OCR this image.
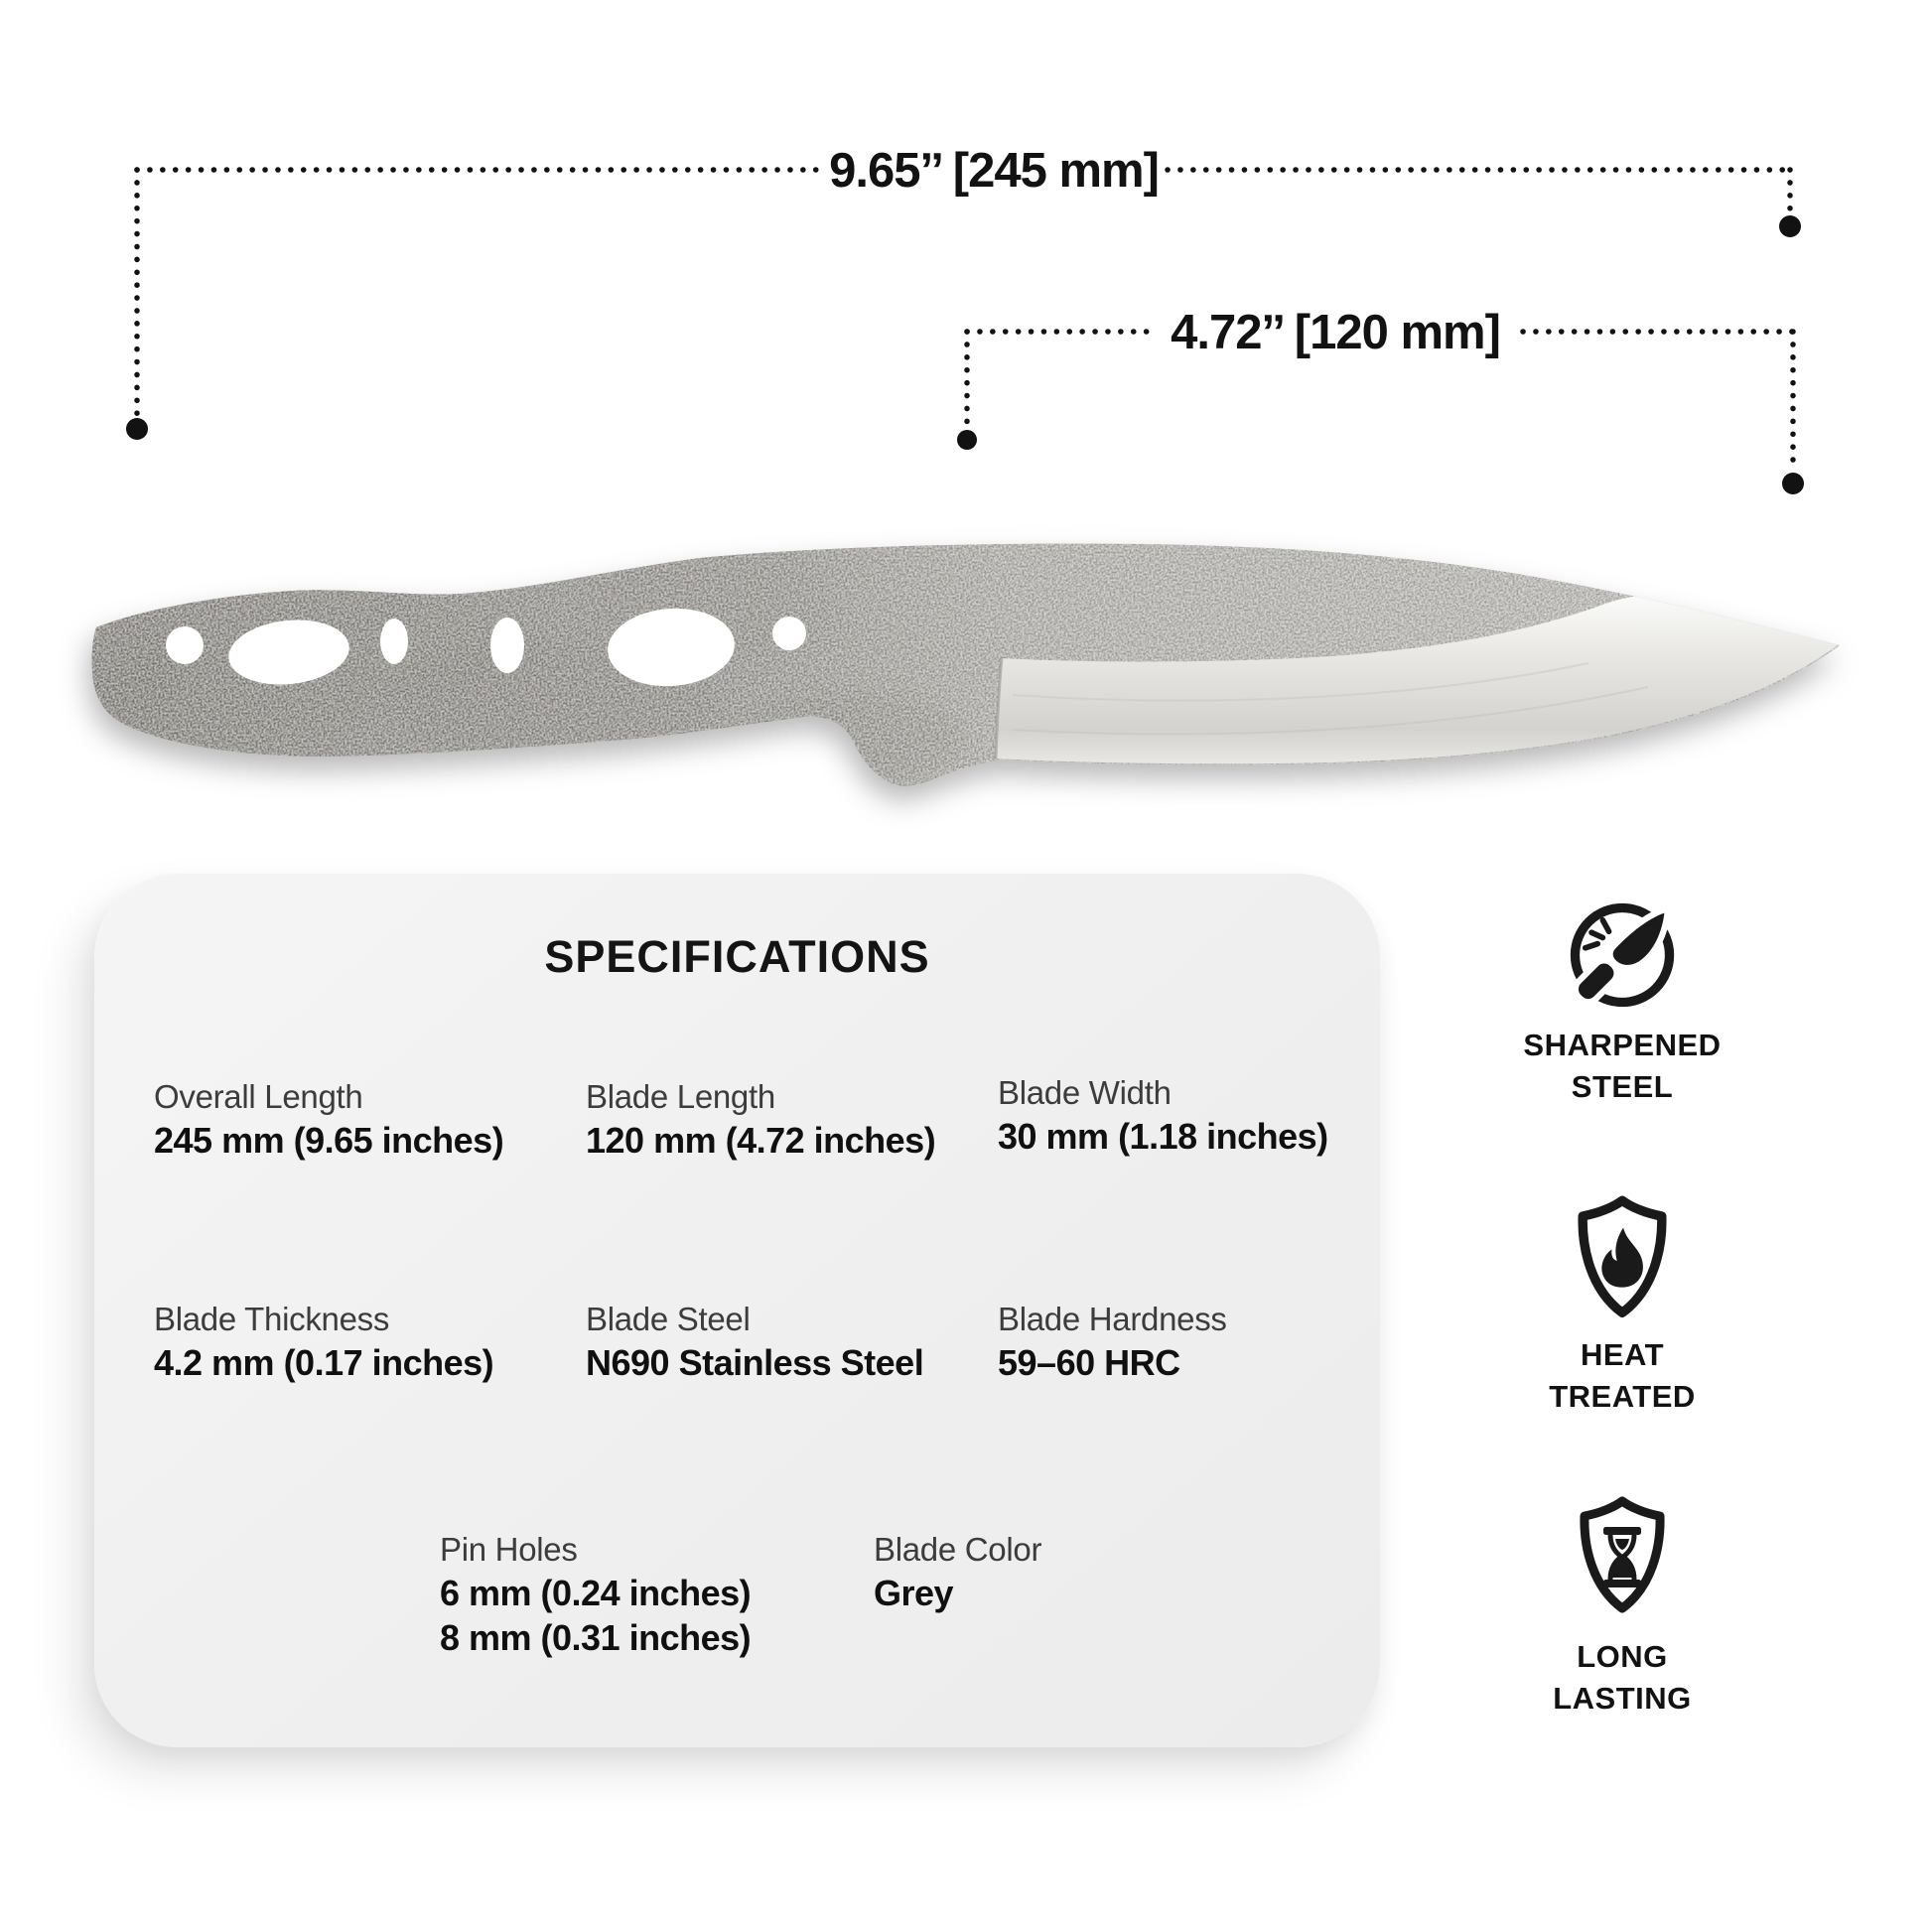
9.65’’ [245 mm]
4.72’’ [120 mm]
SPECIFICATIONS
Overall Length
245 mm (9.65 inches)
Blade Length
120 mm (4.72 inches)
Blade Width
30 mm (1.18 inches)
Blade Thickness
4.2 mm (0.17 inches)
Blade Steel
N690 Stainless Steel
Blade Hardness
59–60 HRC
Pin Holes
6 mm (0.24 inches)
8 mm (0.31 inches)
Blade Color
Grey
SHARPENED
STEEL
HEAT
TREATED
LONG
LASTING
